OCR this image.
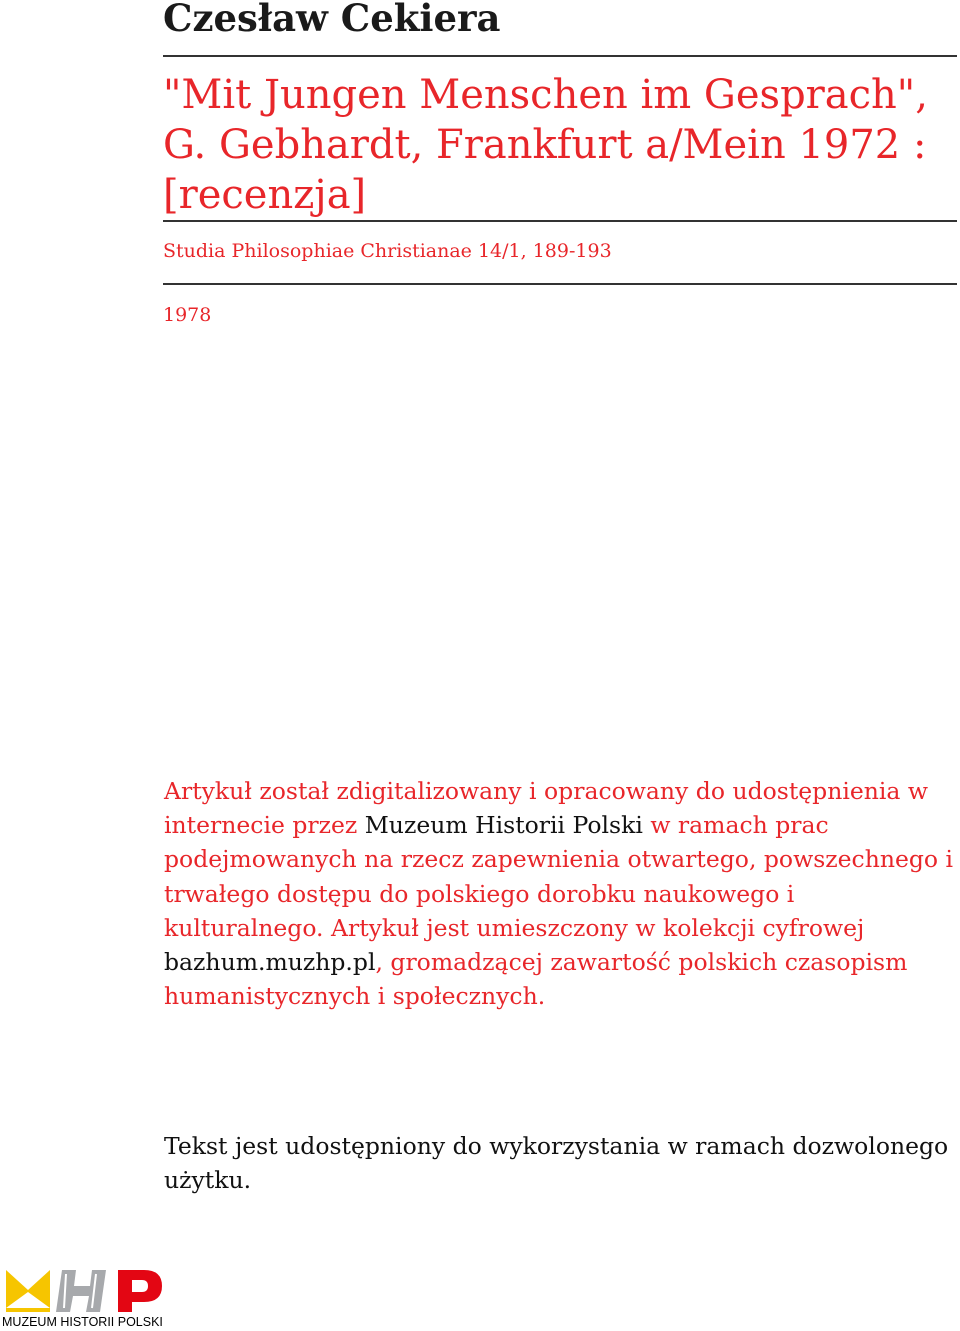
Czesław Cekiera
"Mit Jungen Menschen im Gesprach", G. Gebhardt, Frankfurt a/Mein 1972 : [recenzja]
Studia Philosophiae Christianae 14/1, 189-193
1978

Artykuł został zdigitalizowany i opracowany do udostępnienia w internecie przez Muzeum Historii Polski w ramach prac podejmowanych na rzecz zapewnienia otwartego, powszechnego i trwałego dostępu do polskiego dorobku naukowego i kulturalnego. Artykuł jest umieszczony w kolekcji cyfrowej bazhum.muzhp.pl, gromadzącej zawartość polskich czasopism humanistycznych i społecznych.

Tekst jest udostępniony do wykorzystania w ramach dozwolonego użytku.

MUZEUM HISTORII POLSKI
